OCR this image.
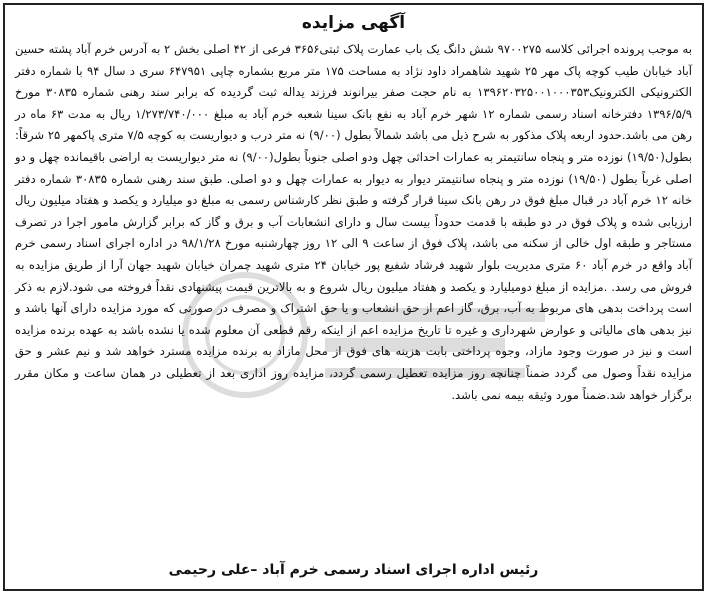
آگهی مزایده
به موجب پرونده اجرائی کلاسه ۹۷۰۰۲۷۵ شش دانگ یک باب عمارت پلاک ثبتی۳۶۵۶ فرعی از ۴۲ اصلی بخش ۲ به آدرس خرم آباد پشته حسین آباد خیابان طیب کوچه پاک مهر ۲۵ شهید شاهمراد داود نژاد به مساحت ۱۷۵ متر مربع بشماره چاپی ۶۴۷۹۵۱ سری د سال ۹۴ با شماره دفتر الکترونیکی الکترونیک۱۳۹۶۲۰۳۲۵۰۰۱۰۰۰۳۵۳ به نام حجت صفر بیرانوند فرزند یداله ثبت گردیده که برابر سند رهنی شماره ۳۰۸۳۵ مورخ ۱۳۹۶/۵/۹ دفترخانه اسناد رسمی شماره ۱۲ شهر خرم آباد به نفع بانک سینا شعبه خرم آباد به مبلغ ۱/۲۷۳/۷۴۰/۰۰۰ ریال به مدت ۶۳ ماه در رهن می باشد.حدود اربعه پلاک مذکور به شرح ذیل می باشد شمالاً بطول (۹/۰۰) نه متر درب و دیواریست به کوچه ۷/۵ متری پاکمهر ۲۵ شرقاً: بطول(۱۹/۵۰) نوزده متر و پنجاه سانتیمتر به عمارات احداثی چهل ودو اصلی جنوباً بطول(۹/۰۰) نه متر دیواریست به اراضی باقیمانده چهل و دو اصلی غرباً بطول (۱۹/۵۰) نوزده متر و پنجاه سانتیمتر دیوار به دیوار به عمارات چهل و دو اصلی. طبق سند رهنی شماره ۳۰۸۳۵ شماره دفتر خانه ۱۲ خرم آباد در قبال مبلغ فوق در رهن بانک سینا قرار گرفته و طبق نظر کارشناس رسمی به مبلغ دو میلیارد و یکصد و هفتاد میلیون ریال ارزیابی شده و پلاک فوق در دو طبقه با قدمت حدوداً بیست سال و دارای انشعابات آب و برق و گاز که برابر گزارش مامور اجرا در تصرف مستاجر و طبقه اول خالی از سکنه می باشد، پلاک فوق از ساعت ۹ الی ۱۲ روز چهارشنبه مورخ ۹۸/۱/۲۸ در اداره اجرای اسناد رسمی خرم آباد واقع در خرم آباد ۶۰ متری مدیریت بلوار شهید فرشاد شفیع پور خیابان ۲۴ متری شهید چمران خیابان شهید جهان آرا از طریق مزایده به فروش می رسد. .مزایده از مبلغ دومیلیارد و یکصد و هفتاد میلیون ریال شروع و به بالاترین قیمت پیشنهادی نقداً فروخته می شود.لازم به ذکر است پرداخت بدهی های مربوط به آب، برق، گاز اعم از حق انشعاب و یا حق اشتراک و مصرف در صورتی که مورد مزایده دارای آنها باشد و نیز بدهی های مالیاتی و عوارض شهرداری و غیره تا تاریخ مزایده اعم از اینکه رقم قطعی آن معلوم شده یا نشده باشد به عهده برنده مزایده است و نیز در صورت وجود مازاد، وجوه پرداختی بابت هزینه های فوق از محل مازاد به برنده مزایده مسترد خواهد شد و نیم عشر و حق مزایده نقداً وصول می گردد ضمناً چنانچه روز مزایده تعطیل رسمی گردد، مزایده روز اداری بعد از تعطیلی در همان ساعت و مکان مقرر برگزار خواهد شد.ضمناً مورد وثیقه بیمه نمی باشد.
رئیس اداره اجرای اسناد رسمی خرم آباد –علی رحیمی
